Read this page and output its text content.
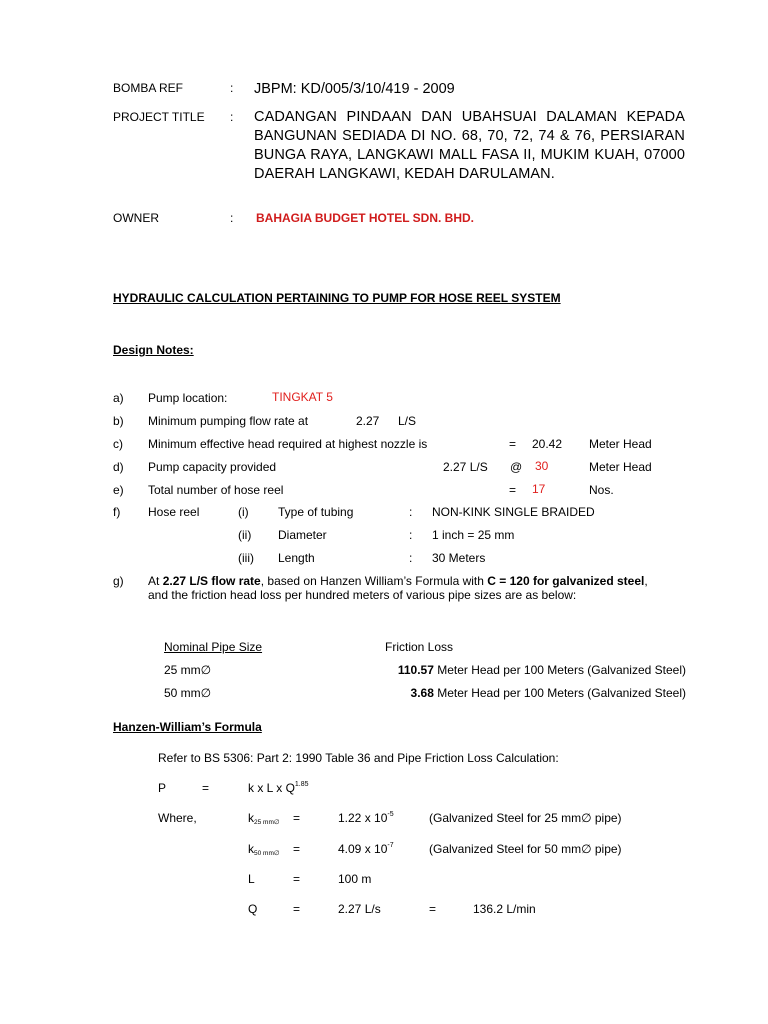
BOMBA REF	: JBPM: KD/005/3/10/419 - 2009
PROJECT TITLE : CADANGAN PINDAAN DAN UBAHSUAI DALAMAN KEPADA BANGUNAN SEDIADA DI NO. 68, 70, 72, 74 & 76, PERSIARAN BUNGA RAYA, LANGKAWI MALL FASA II, MUKIM KUAH, 07000 DAERAH LANGKAWI, KEDAH DARULAMAN.
OWNER	: BAHAGIA BUDGET HOTEL SDN. BHD.
HYDRAULIC CALCULATION PERTAINING TO PUMP FOR HOSE REEL SYSTEM
Design Notes:
a) Pump location:	TINGKAT 5
b) Minimum pumping flow rate at	2.27 L/S
c) Minimum effective head required at highest nozzle is	= 20.42 Meter Head
d) Pump capacity provided	2.27 L/S @ 30	Meter Head
e) Total number of hose reel	= 17	Nos.
f) Hose reel	(i) Type of tubing	: NON-KINK SINGLE BRAIDED
(ii) Diameter	: 1 inch = 25 mm
(iii) Length	: 30 Meters
g) At 2.27 L/S flow rate, based on Hanzen William’s Formula with C = 120 for galvanized steel,
and the friction head loss per hundred meters of various pipe sizes are as below:
Nominal Pipe Size	Friction Loss
25 mm∅	110.57 Meter Head per 100 Meters (Galvanized Steel)
50 mm∅	3.68 Meter Head per 100 Meters (Galvanized Steel)
Hanzen-William’s Formula
Refer to BS 5306: Part 2: 1990 Table 36 and Pipe Friction Loss Calculation:
P	=	k x L x $Q^{1.85}$
Where,	$k_{25 mm\emptyset}$ =	1.22 x $10^{-5}$	(Galvanized Steel for 25 mm∅ pipe)
$k_{50 mm\emptyset}$ =	4.09 x $10^{-7}$	(Galvanized Steel for 50 mm∅ pipe)
L	=	100 m
Q	=	2.27 L/s	=	136.2 L/min
